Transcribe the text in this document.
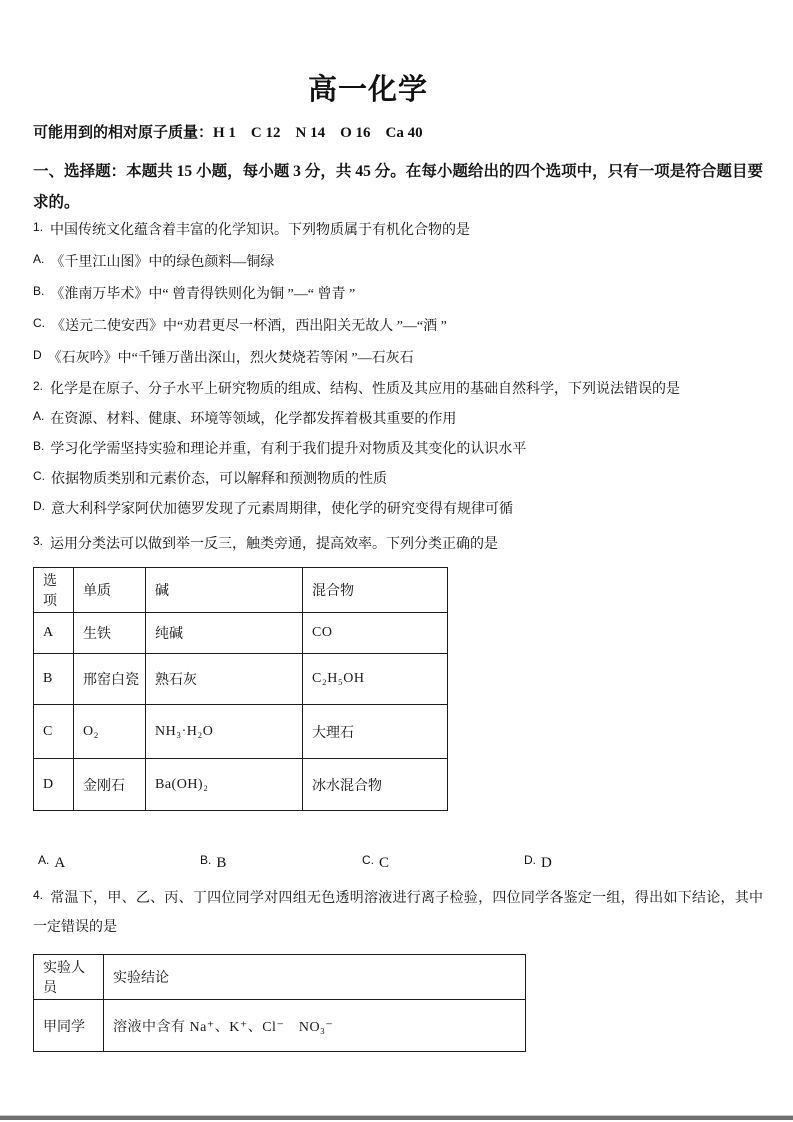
高一化学

可能用到的相对原子质量：H 1　C 12　N 14　O 16　Ca 40

一、选择题：本题共 15 小题，每小题 3 分，共 45 分。在每小题给出的四个选项中，只有一项是符合题目要求的。

1. 中国传统文化蕴含着丰富的化学知识。下列物质属于有机化合物的是

A. 《千里江山图》中的绿色颜料—铜绿

B. 《淮南万毕术》中“ 曾青得铁则化为铜 ”—“ 曾青 ”

C. 《送元二使安西》中“劝君更尽一杯酒，西出阳关无故人 ”—“酒 ”

D 《石灰吟》中“千锤万凿出深山，烈火焚烧若等闲 ”—石灰石

2. 化学是在原子、分子水平上研究物质的组成、结构、性质及其应用的基础自然科学，下列说法错误的是

A. 在资源、材料、健康、环境等领域，化学都发挥着极其重要的作用

B. 学习化学需坚持实验和理论并重，有利于我们提升对物质及其变化的认识水平

C. 依据物质类别和元素价态，可以解释和预测物质的性质

D. 意大利科学家阿伏加德罗发现了元素周期律，使化学的研究变得有规律可循

3. 运用分类法可以做到举一反三，触类旁通，提高效率。下列分类正确的是

选项	单质	碱	混合物
A	生铁	纯碱	CO
B	邢窑白瓷	熟石灰	C₂H₅OH
C	O₂	NH₃·H₂O	大理石
D	金刚石	Ba(OH)₂	冰水混合物
$^{A.}$ A	$^{B.}$ B	$^{C.}$ C	$^{D.}$ D

4. 常温下，甲、乙、丙、丁四位同学对四组无色透明溶液进行离子检验，四位同学各鉴定一组，得出如下结论，其中一定错误的是

实验人员	实验结论
甲同学	溶液中含有 Na⁺、K⁺、Cl⁻　NO₃⁻
